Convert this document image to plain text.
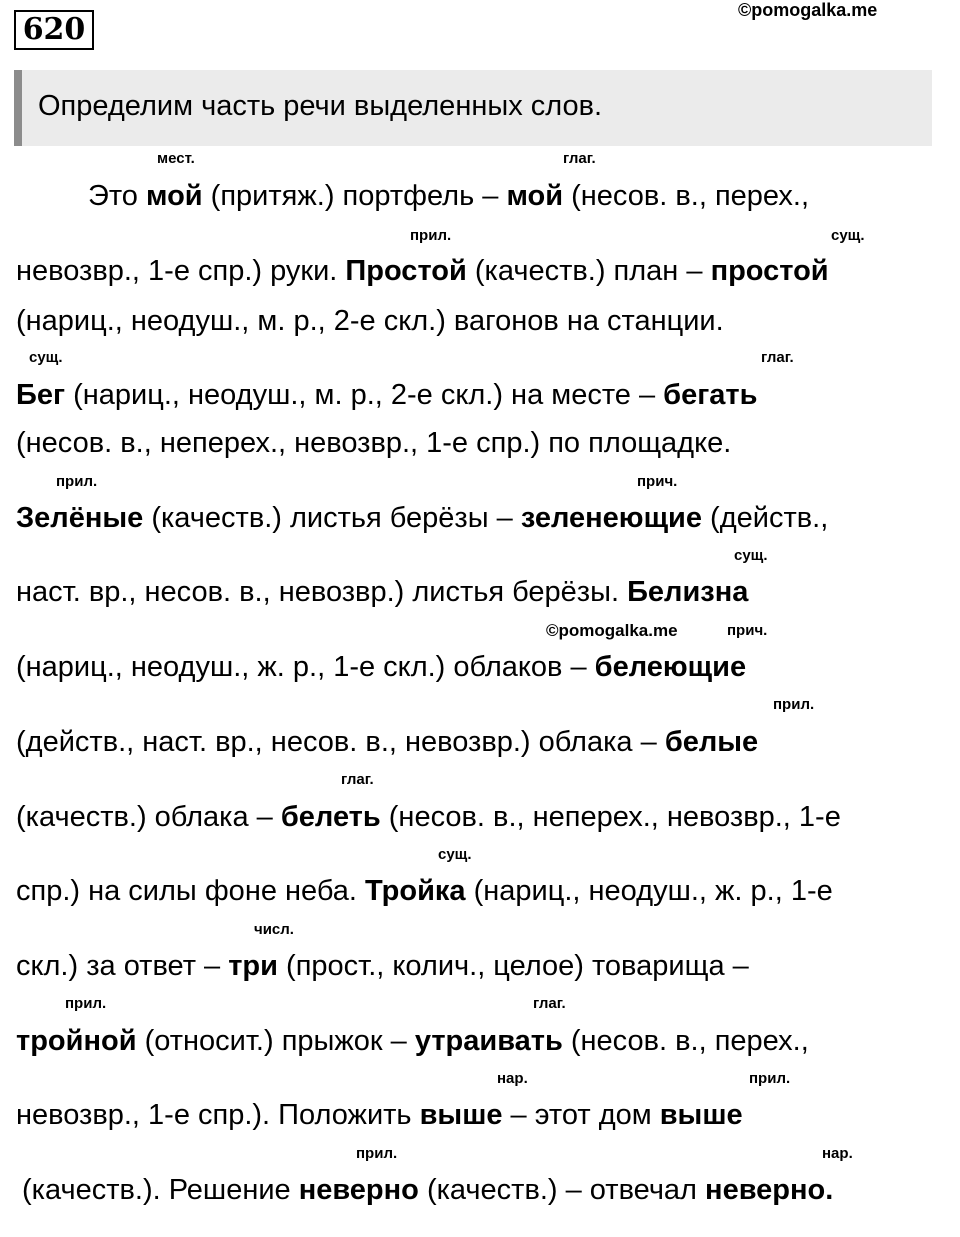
620
©pomogalka.me
Определим часть речи выделенных слов.
мест.	глаг.
прил.	сущ.
сущ.	глаг.
прил.	прич.
сущ.
©pomogalka.me	прич.
прил.
глаг.
сущ.
числ.
прил.	глаг.
нар.	прил.
прил.	нар.
Это мой (притяж.) портфель – мой (несов. в., перех.,
невозвр., 1-е спр.) руки. Простой (качеств.) план – простой
(нариц., неодуш., м. р., 2-е скл.) вагонов на станции.
Бег (нариц., неодуш., м. р., 2-е скл.) на месте – бегать
(несов. в., неперех., невозвр., 1-е спр.) по площадке.
Зелёные (качеств.) листья берёзы – зеленеющие (действ.,
наст. вр., несов. в., невозвр.) листья берёзы. Белизна
(нариц., неодуш., ж. р., 1-е скл.) облаков – белеющие
(действ., наст. вр., несов. в., невозвр.) облака – белые
(качеств.) облака – белеть (несов. в., неперех., невозвр., 1-е
спр.) на силы фоне неба. Тройка (нариц., неодуш., ж. р., 1-е
скл.) за ответ – три (прост., колич., целое) товарища –
тройной (относит.) прыжок – утраивать (несов. в., перех.,
невозвр., 1-е спр.). Положить выше – этот дом выше
(качеств.). Решение неверно (качеств.) – отвечал неверно.
